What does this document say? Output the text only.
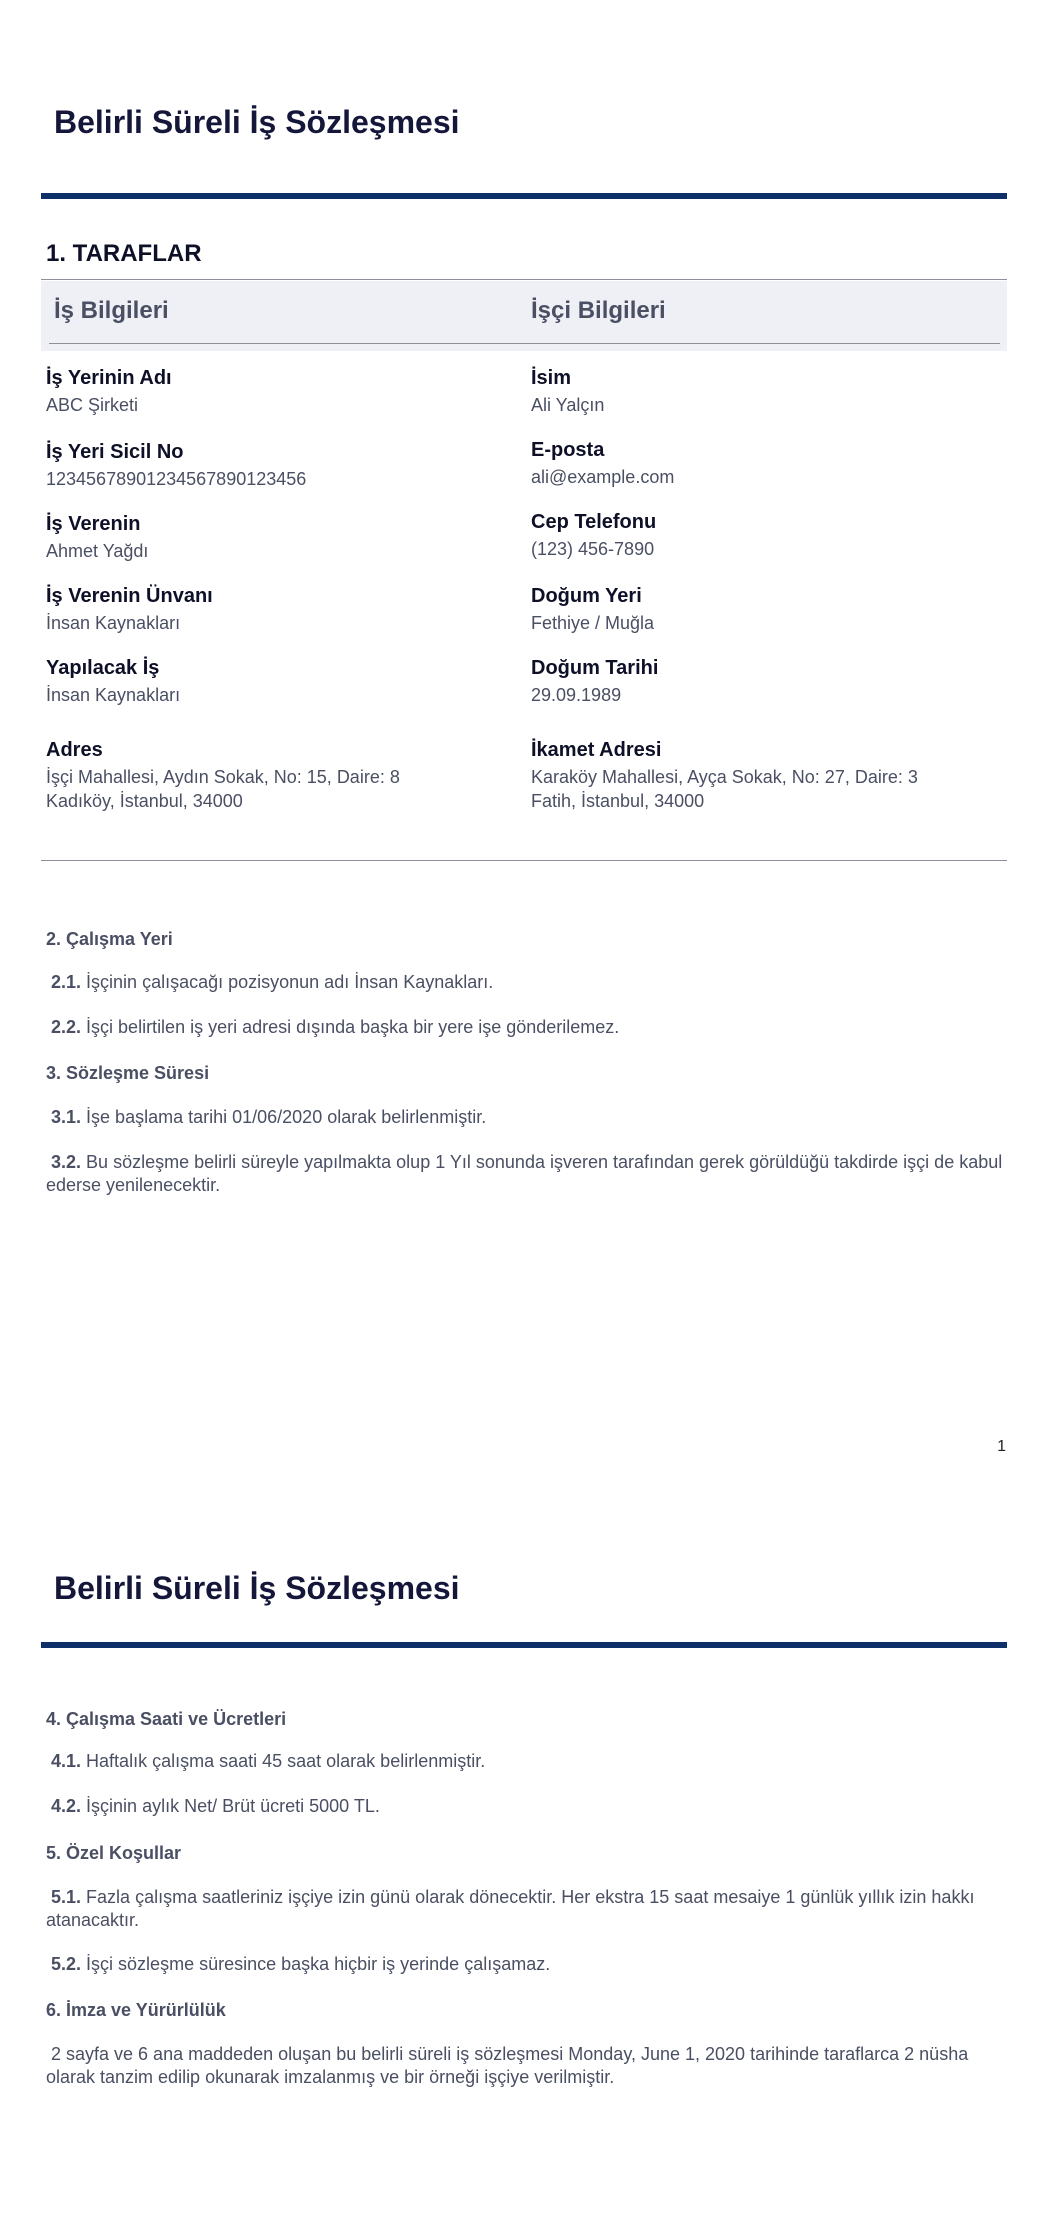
Belirli Süreli İş Sözleşmesi
1. TARAFLAR
İş Bilgileri	İşçi Bilgileri
İş Yerinin Adı
ABC Şirketi
İş Yeri Sicil No
12345678901234567890123456
İş Verenin
Ahmet Yağdı
İş Verenin Ünvanı
İnsan Kaynakları
Yapılacak İş
İnsan Kaynakları
Adres
İşçi Mahallesi, Aydın Sokak, No: 15, Daire: 8
Kadıköy, İstanbul, 34000
İsim
Ali Yalçın
E-posta
ali@example.com
Cep Telefonu
(123) 456-7890
Doğum Yeri
Fethiye / Muğla
Doğum Tarihi
29.09.1989
İkamet Adresi
Karaköy Mahallesi, Ayça Sokak, No: 27, Daire: 3
Fatih, İstanbul, 34000
2. Çalışma Yeri
2.1. İşçinin çalışacağı pozisyonun adı İnsan Kaynakları.
2.2. İşçi belirtilen iş yeri adresi dışında başka bir yere işe gönderilemez.
3. Sözleşme Süresi
3.1. İşe başlama tarihi 01/06/2020 olarak belirlenmiştir.
3.2. Bu sözleşme belirli süreyle yapılmakta olup 1 Yıl sonunda işveren tarafından gerek görüldüğü takdirde işçi de kabul ederse yenilenecektir.
1
Belirli Süreli İş Sözleşmesi
4. Çalışma Saati ve Ücretleri
4.1. Haftalık çalışma saati 45 saat olarak belirlenmiştir.
4.2. İşçinin aylık Net/ Brüt ücreti 5000 TL.
5. Özel Koşullar
5.1. Fazla çalışma saatleriniz işçiye izin günü olarak dönecektir. Her ekstra 15 saat mesaiye 1 günlük yıllık izin hakkı atanacaktır.
5.2. İşçi sözleşme süresince başka hiçbir iş yerinde çalışamaz.
6. İmza ve Yürürlülük
2 sayfa ve 6 ana maddeden oluşan bu belirli süreli iş sözleşmesi Monday, June 1, 2020 tarihinde taraflarca 2 nüsha olarak tanzim edilip okunarak imzalanmış ve bir örneği işçiye verilmiştir.
